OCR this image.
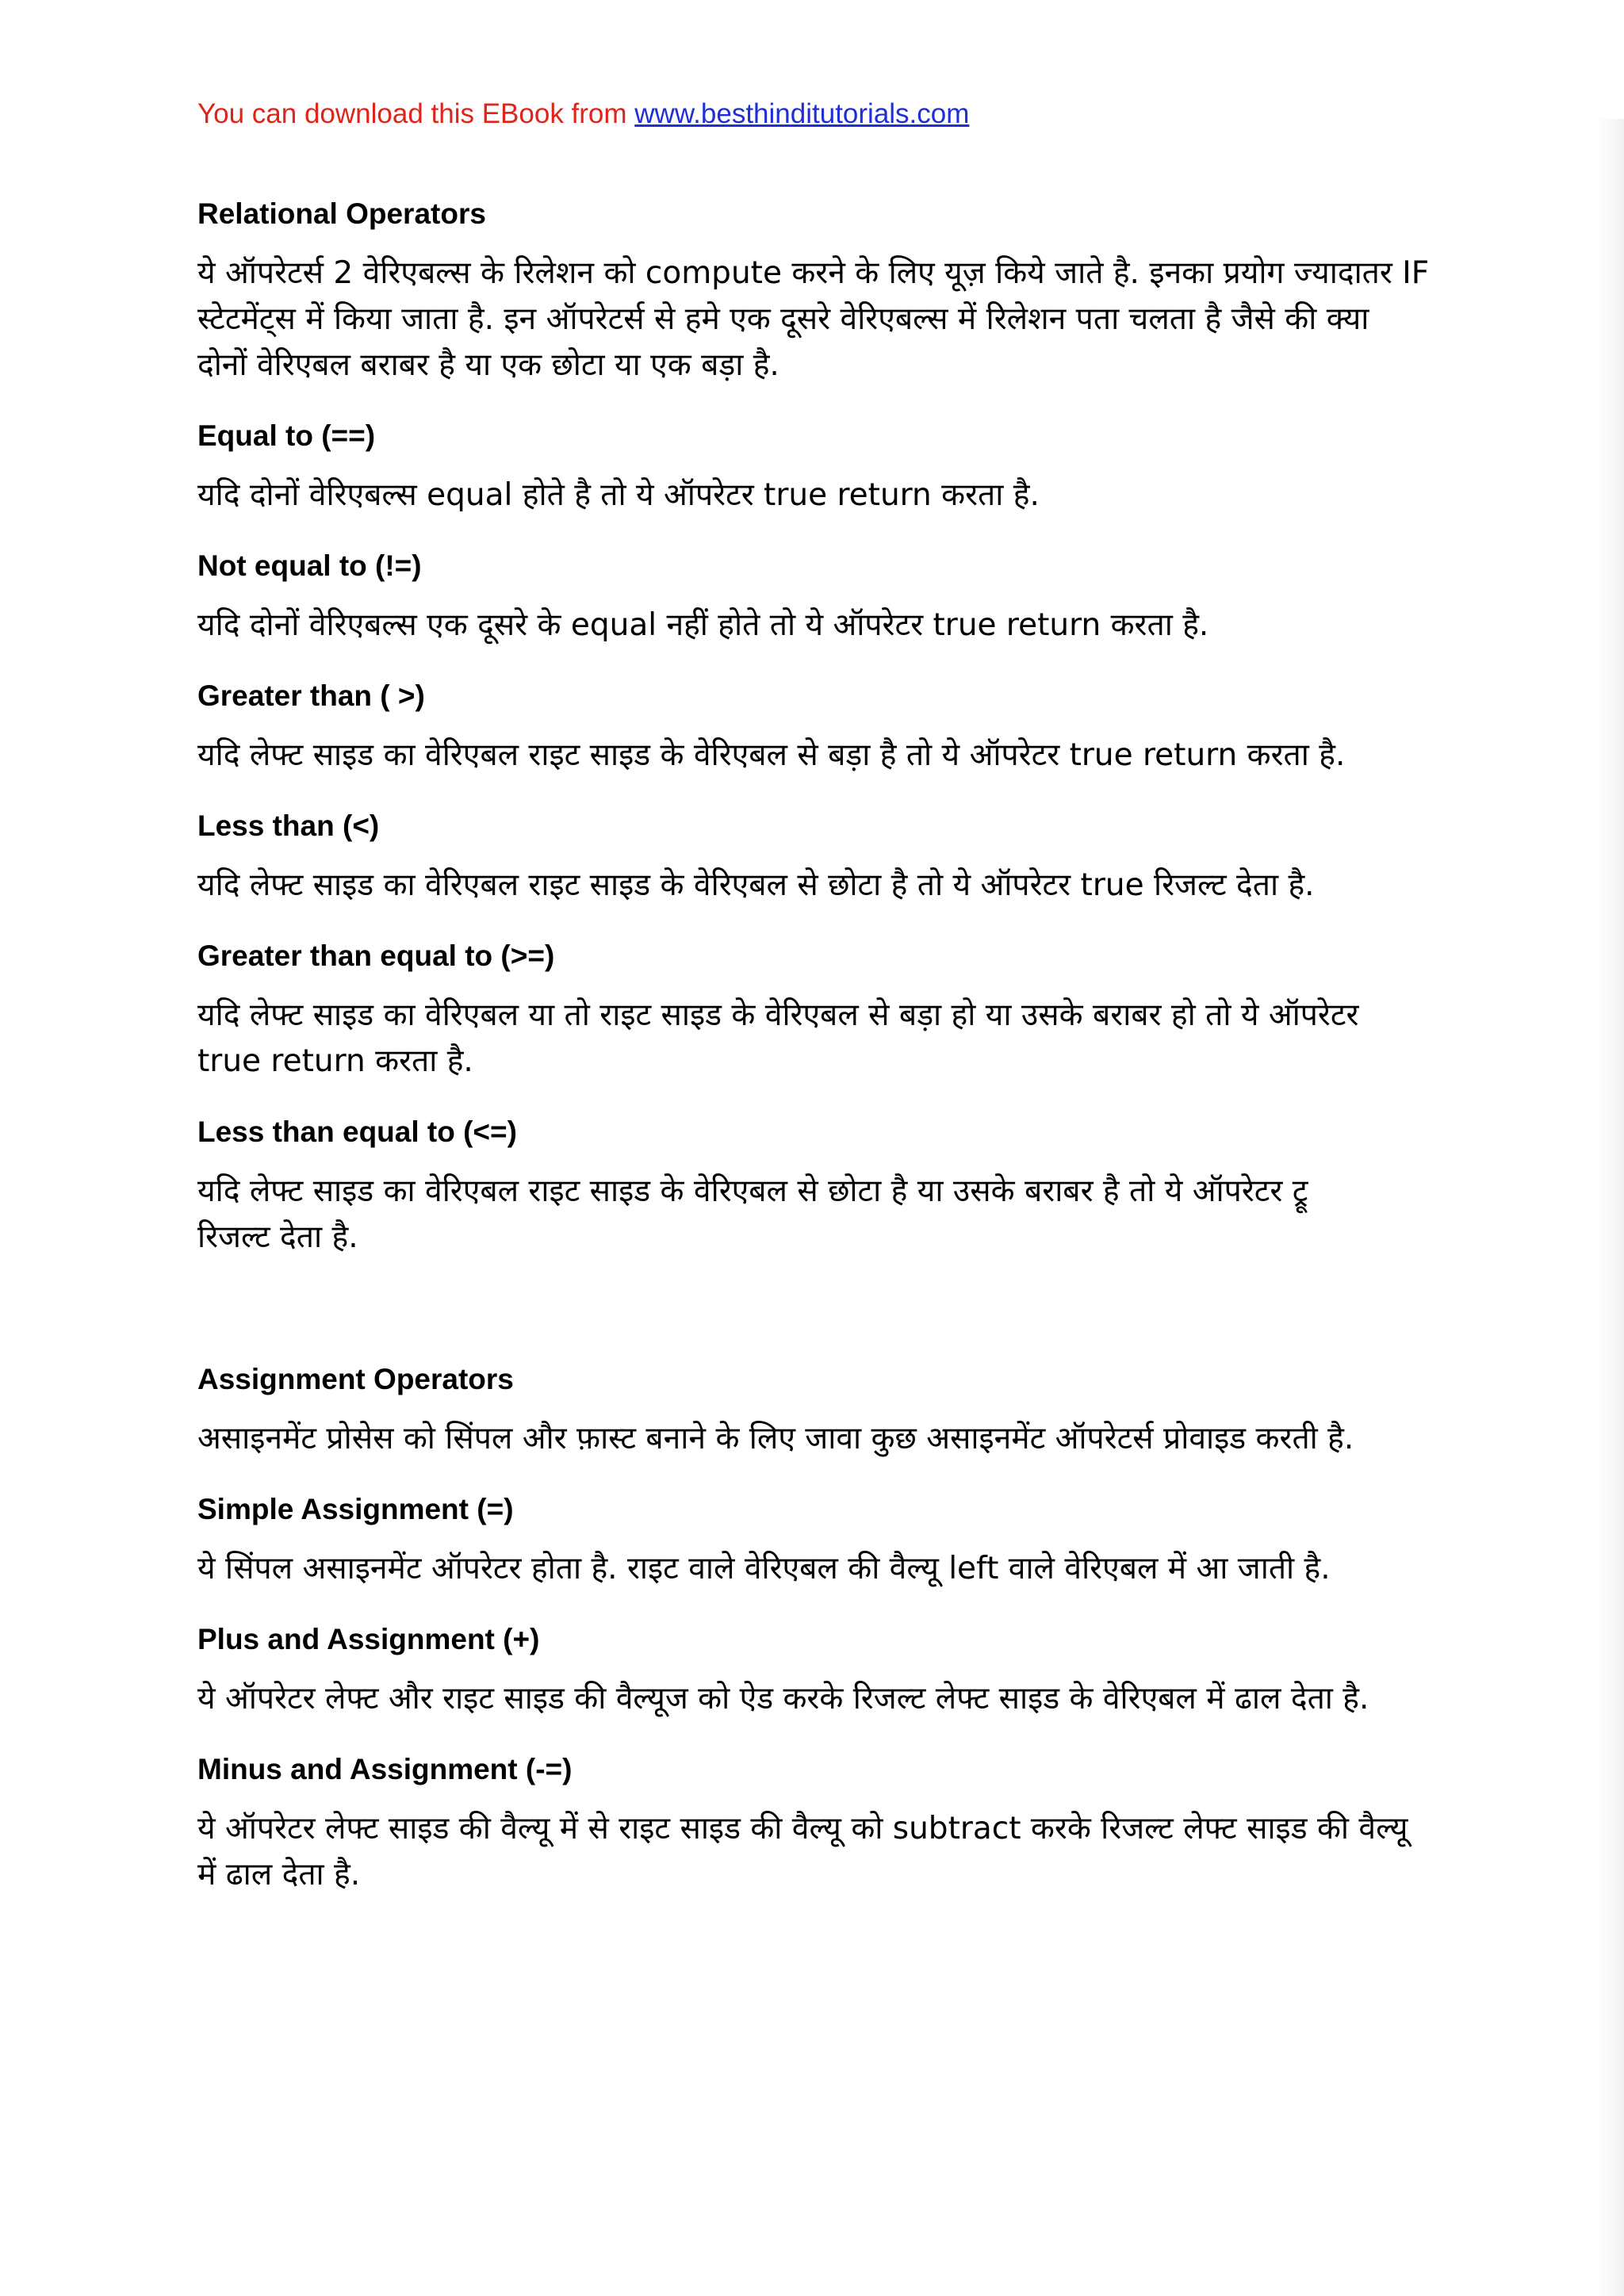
You can download this EBook from www.besthinditutorials.com
Relational Operators

ये ऑपरेटर्स 2 वेरिएबल्स के रिलेशन को compute करने के लिए यूज़ किये जाते है. इनका प्रयोग ज्यादातर IF
स्टेटमेंट्स में किया जाता है. इन ऑपरेटर्स से हमे एक दूसरे वेरिएबल्स में रिलेशन पता चलता है जैसे की क्या
दोनों वेरिएबल बराबर है या एक छोटा या एक बड़ा है.

Equal to (==)

यदि दोनों वेरिएबल्स equal होते है तो ये ऑपरेटर true return करता है.

Not equal to (!=)

यदि दोनों वेरिएबल्स एक दूसरे के equal नहीं होते तो ये ऑपरेटर true return करता है.

Greater than ( >)

यदि लेफ्ट साइड का वेरिएबल राइट साइड के वेरिएबल से बड़ा है तो ये ऑपरेटर true return करता है.

Less than (<)

यदि लेफ्ट साइड का वेरिएबल राइट साइड के वेरिएबल से छोटा है तो ये ऑपरेटर true रिजल्ट देता है.

Greater than equal to (>=)

यदि लेफ्ट साइड का वेरिएबल या तो राइट साइड के वेरिएबल से बड़ा हो या उसके बराबर हो तो ये ऑपरेटर
true return करता है.

Less than equal to (<=)

यदि लेफ्ट साइड का वेरिएबल राइट साइड के वेरिएबल से छोटा है या उसके बराबर है तो ये ऑपरेटर ट्रू
रिजल्ट देता है.

Assignment Operators

असाइनमेंट प्रोसेस को सिंपल और फ़ास्ट बनाने के लिए जावा कुछ असाइनमेंट ऑपरेटर्स प्रोवाइड करती है.

Simple Assignment (=)

ये सिंपल असाइनमेंट ऑपरेटर होता है. राइट वाले वेरिएबल की वैल्यू left वाले वेरिएबल में आ जाती है.

Plus and Assignment (+)

ये ऑपरेटर लेफ्ट और राइट साइड की वैल्यूज को ऐड करके रिजल्ट लेफ्ट साइड के वेरिएबल में ढाल देता है.

Minus and Assignment (-=)

ये ऑपरेटर लेफ्ट साइड की वैल्यू में से राइट साइड की वैल्यू को subtract करके रिजल्ट लेफ्ट साइड की वैल्यू
में ढाल देता है.
